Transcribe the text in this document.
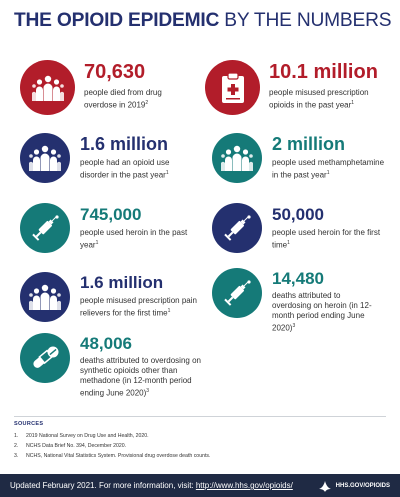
THE OPIOID EPIDEMIC BY THE NUMBERS
70,630
people died from drug overdose in 2019$^2$
10.1 million
people misused prescription opioids in the past year$^1$
1.6 million
people had an opioid use disorder in the past year$^1$
2 million
people used methamphetamine in the past year$^1$
745,000
people used heroin in the past year$^1$
50,000
people used heroin for the first time$^1$
1.6 million
people misused prescription pain relievers for the first time$^1$
14,480
deaths attributed to overdosing on heroin (in 12-month period ending June 2020)$^3$
48,006
deaths attributed to overdosing on synthetic opioids other than methadone (in 12-month period ending June 2020)$^3$
SOURCES
1. 2019 National Survey on Drug Use and Health, 2020.
2. NCHS Data Brief No. 394, December 2020.
3. NCHS, National Vital Statistics System. Provisional drug overdose death counts.
Updated February 2021. For more information, visit: http://www.hhs.gov/opioids/	HHS.GOV/OPIOIDS
